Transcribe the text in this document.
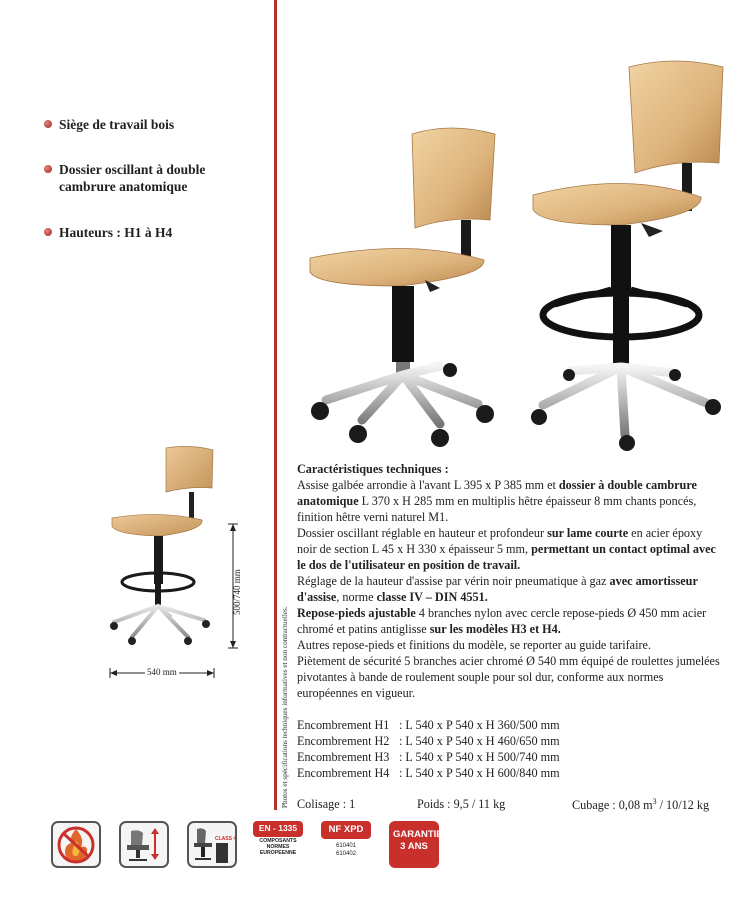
Siège de travail bois
Dossier oscillant à double cambrure anatomique
Hauteurs : H1 à H4
500/740 mm
540 mm	Photos et spécifications techniques informatives et non contractuelles.

Caractéristiques techniques :

Assise galbée arrondie à l'avant L 395 x P 385 mm et dossier à double cambrure anatomique L 370 x H 285 mm en multiplis hêtre épaisseur 8 mm chants poncés, finition hêtre verni naturel M1.

Dossier oscillant réglable en hauteur et profondeur sur lame courte en acier époxy noir de section L 45 x H 330 x épaisseur 5 mm, permettant un contact optimal avec le dos de l'utilisateur en position de travail.

Réglage de la hauteur d'assise par vérin noir pneumatique à gaz avec amortisseur d'assise, norme classe IV – DIN 4551.

Repose-pieds ajustable 4 branches nylon avec cercle repose-pieds Ø 450 mm acier chromé et patins antiglisse sur les modèles H3 et H4.

Autres repose-pieds et finitions du modèle, se reporter au guide tarifaire.

Piètement de sécurité 5 branches acier chromé Ø 540 mm équipé de roulettes jumelées pivotantes à bande de roulement souple pour sol dur, conforme aux normes européennes en vigueur.

Encombrement H1 : L 540 x P 540 x H 360/500 mm
Encombrement H2 : L 540 x P 540 x H 460/650 mm
Encombrement H3 : L 540 x P 540 x H 500/740 mm
Encombrement H4 : L 540 x P 540 x H 600/840 mm
Colisage : 1	Poids : 9,5 / 11 kg	Cubage : 0,08 $m^3 / 10/12$ kg
CLASS 4
EN - 1335
COMPOSANTS NORMES EUROPEENNE
NF XPD
610401
610402
GARANTIE 3 ANS
